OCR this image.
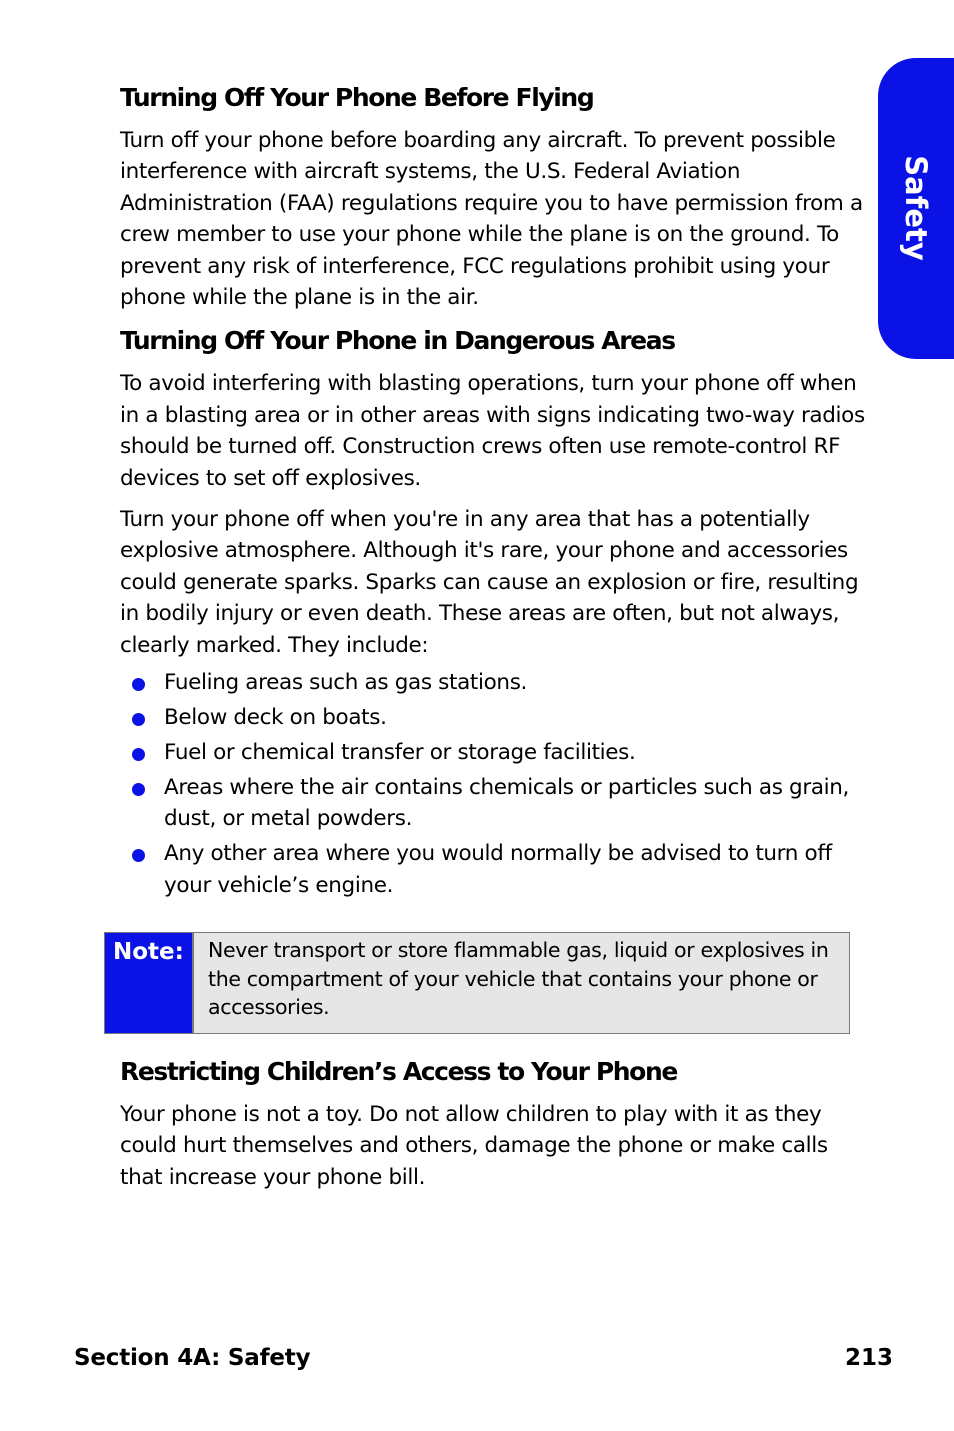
Safety
Turning Off Your Phone Before Flying

Turn off your phone before boarding any aircraft. To prevent possible interference with aircraft systems, the U.S. Federal Aviation Administration (FAA) regulations require you to have permission from a crew member to use your phone while the plane is on the ground. To prevent any risk of interference, FCC regulations prohibit using your phone while the plane is in the air.

Turning Off Your Phone in Dangerous Areas

To avoid interfering with blasting operations, turn your phone off when in a blasting area or in other areas with signs indicating two-way radios should be turned off. Construction crews often use remote-control RF devices to set off explosives.

Turn your phone off when you're in any area that has a potentially explosive atmosphere. Although it's rare, your phone and accessories could generate sparks. Sparks can cause an explosion or fire, resulting in bodily injury or even death. These areas are often, but not always, clearly marked. They include:

Fueling areas such as gas stations.
Below deck on boats.
Fuel or chemical transfer or storage facilities.
Areas where the air contains chemicals or particles such as grain, dust, or metal powders.
Any other area where you would normally be advised to turn off your vehicle’s engine.
Note:	Never transport or store flammable gas, liquid or explosives in the compartment of your vehicle that contains your phone or accessories.
Restricting Children’s Access to Your Phone

Your phone is not a toy. Do not allow children to play with it as they could hurt themselves and others, damage the phone or make calls that increase your phone bill.

Section 4A: Safety	213
